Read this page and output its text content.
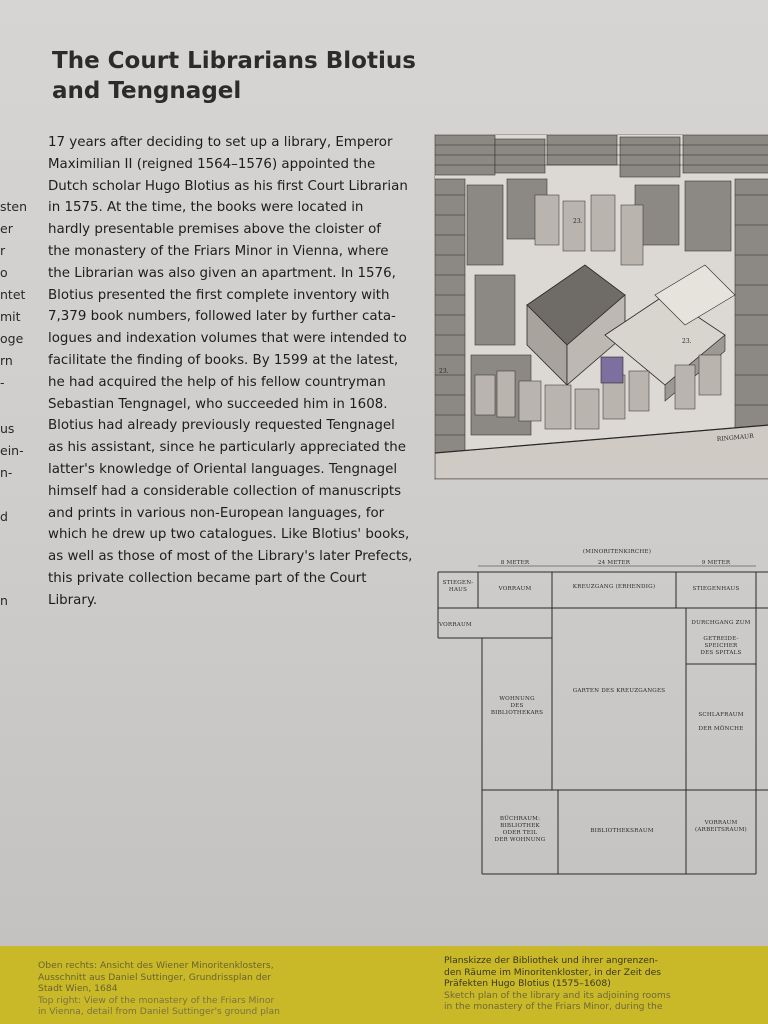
sten
er
r
o
ntet
mit
oge
rn
-
us
ein-
n-
d
n
The Court Librarians Blotius
and Tengnagel
17 years after deciding to set up a library, Emperor
Maximilian II (reigned 1564–1576) appointed the
Dutch scholar Hugo Blotius as his first Court Librarian
in 1575. At the time, the books were located in
hardly presentable premises above the cloister of
the monastery of the Friars Minor in Vienna, where
the Librarian was also given an apartment. In 1576,
Blotius presented the first complete inventory with
7,379 book numbers, followed later by further cata-
logues and indexation volumes that were intended to
facilitate the finding of books. By 1599 at the latest,
he had acquired the help of his fellow countryman
Sebastian Tengnagel, who succeeded him in 1608.
Blotius had already previously requested Tengnagel
as his assistant, since he particularly appreciated the
latter's knowledge of Oriental languages. Tengnagel
himself had a considerable collection of manuscripts
and prints in various non-European languages, for
which he drew up two catalogues. Like Blotius' books,
as well as those of most of the Library's later Prefects,
this private collection became part of the Court
Library.
23.
23.
23.
RINGMAUR
(MINORITENKIRCHE)
8 METER	24 METER	9 METER
STIEGEN-
HAUS	VORRAUM	KREUZGANG (ERHENDIG)	STIEGENHAUS
VORRAUM	DURCHGANG ZUM
GETREIDE-
SPEICHER
DES SPITALS
GARTEN DES KREUZGANGES
WOHNUNG
DES
BIBLIOTHEKARS	SCHLAFRAUM

DER MÖNCHE
BÜCHRAUM:
BIBLIOTHEK
ODER TEIL
DER WOHNUNG
BIBLIOTHEKSRAUM
VORRAUM
(ARBEITSRAUM)
Oben rechts: Ansicht des Wiener Minoritenklosters,
Ausschnitt aus Daniel Suttinger, Grundrissplan der
Stadt Wien, 1684
Top right: View of the monastery of the Friars Minor
in Vienna, detail from Daniel Suttinger's ground plan
Planskizze der Bibliothek und ihrer angrenzen-
den Räume im Minoritenkloster, in der Zeit des
Präfekten Hugo Blotius (1575–1608)
Sketch plan of the library and its adjoining rooms
in the monastery of the Friars Minor, during the
